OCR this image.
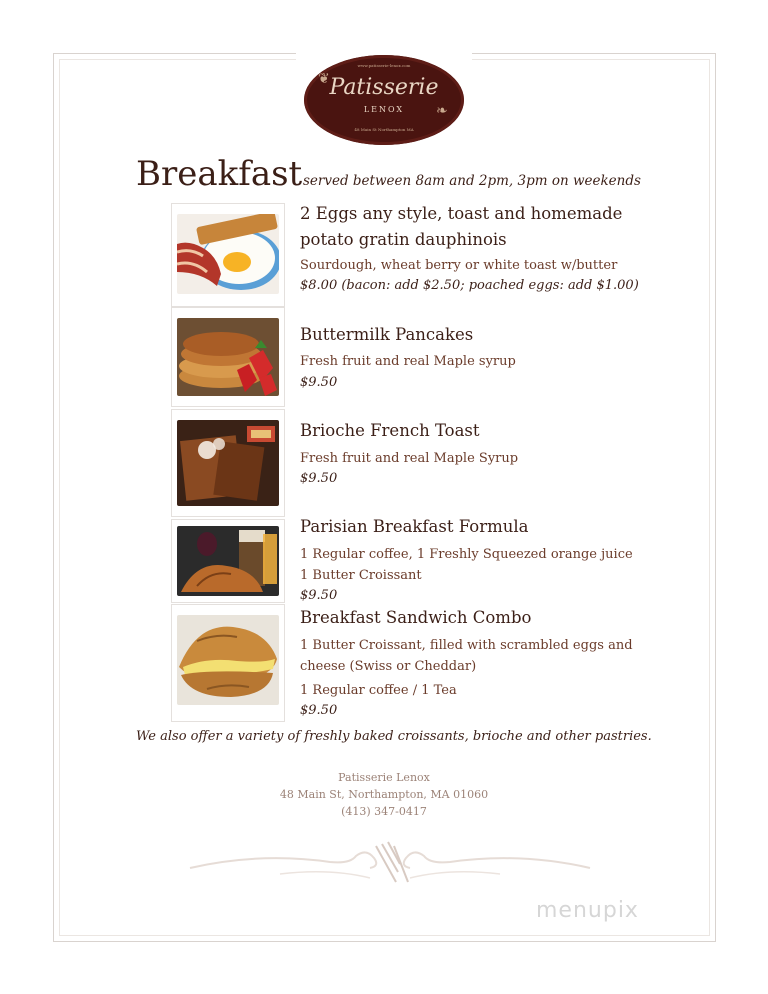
www.patisserie-lenox.com
❦
❧
Patisserie
LENOX
48 Main St Northampton MA
Breakfast served between 8am and 2pm, 3pm on weekends
2 Eggs any style, toast and homemade
potato gratin dauphinois
Sourdough, wheat berry or white toast w/butter
$8.00 (bacon: add $2.50; poached eggs: add $1.00)
Buttermilk Pancakes
Fresh fruit and real Maple syrup
$9.50
Brioche French Toast
Fresh fruit and real Maple Syrup
$9.50
Parisian Breakfast Formula
1 Regular coffee, 1 Freshly Squeezed orange juice
1 Butter Croissant
$9.50
Breakfast Sandwich Combo
1 Butter Croissant, filled with scrambled eggs and
cheese (Swiss or Cheddar)
1 Regular coffee / 1 Tea
$9.50
We also offer a variety of freshly baked croissants, brioche and other pastries.
Patisserie Lenox
48 Main St, Northampton, MA 01060
(413) 347-0417
menupix
